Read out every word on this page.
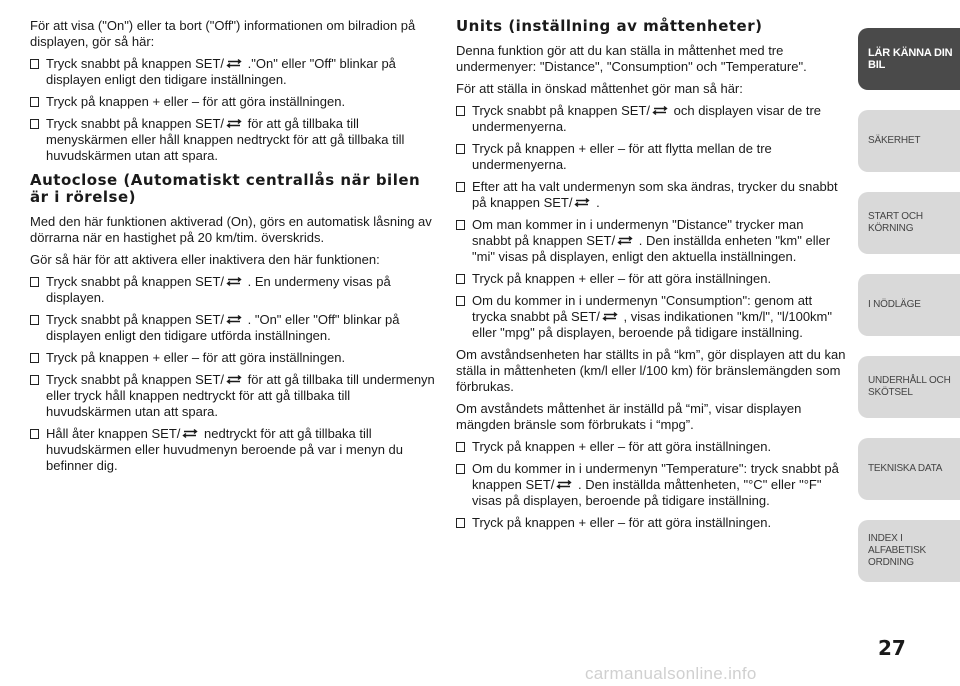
För att visa ("On") eller ta bort ("Off") informationen om bilradion på displayen, gör så här:

Tryck snabbt på knappen SET/ ."On" eller "Off" blinkar på displayen enligt den tidigare inställningen.
Tryck på knappen + eller – för att göra inställningen.
Tryck snabbt på knappen SET/ för att gå tillbaka till menyskärmen eller håll knappen nedtryckt för att gå tillbaka till huvudskärmen utan att spara.
Autoclose (Automatiskt centrallås när bilen är i rörelse)

Med den här funktionen aktiverad (On), görs en automatisk låsning av dörrarna när en hastighet på 20 km/tim. överskrids.

Gör så här för att aktivera eller inaktivera den här funktionen:

Tryck snabbt på knappen SET/ . En undermeny visas på displayen.
Tryck snabbt på knappen SET/ . "On" eller "Off" blinkar på displayen enligt den tidigare utförda inställningen.
Tryck på knappen + eller – för att göra inställningen.
Tryck snabbt på knappen SET/ för att gå tillbaka till undermenyn eller tryck håll knappen nedtryckt för att gå tillbaka till huvudskärmen utan att spara.
Håll åter knappen SET/ nedtryckt för att gå tillbaka till huvudskärmen eller huvudmenyn beroende på var i menyn du befinner dig.
Units (inställning av måttenheter)

Denna funktion gör att du kan ställa in måttenhet med tre undermenyer: "Distance", "Consumption" och "Temperature".

För att ställa in önskad måttenhet gör man så här:

Tryck snabbt på knappen SET/ och displayen visar de tre undermenyerna.
Tryck på knappen + eller – för att flytta mellan de tre undermenyerna.
Efter att ha valt undermenyn som ska ändras, trycker du snabbt på knappen SET/ .
Om man kommer in i undermenyn "Distance" trycker man snabbt på knappen SET/ . Den inställda enheten "km" eller "mi" visas på displayen, enligt den aktuella inställningen.
Tryck på knappen + eller – för att göra inställningen.
Om du kommer in i undermenyn "Consumption": genom att trycka snabbt på SET/ , visas indikationen "km/l", "l/100km" eller "mpg" på displayen, beroende på tidigare inställning.

Om avståndsenheten har ställts in på “km”, gör displayen att du kan ställa in måttenheten (km/l eller l/100 km) för bränslemängden som förbrukas.

Om avståndets måttenhet är inställd på “mi”, visar displayen mängden bränsle som förbrukats i “mpg”.

Tryck på knappen + eller – för att göra inställningen.
Om du kommer in i undermenyn "Temperature": tryck snabbt på knappen SET/ . Den inställda måttenheten, "°C" eller "°F" visas på displayen, beroende på tidigare inställning.
Tryck på knappen + eller – för att göra inställningen.
LÄR KÄNNA DIN BIL
SÄKERHET
START OCH KÖRNING
I NÖDLÄGE
UNDERHÅLL OCH SKÖTSEL
TEKNISKA DATA
INDEX I ALFABETISK ORDNING
27
carmanualsonline.info
